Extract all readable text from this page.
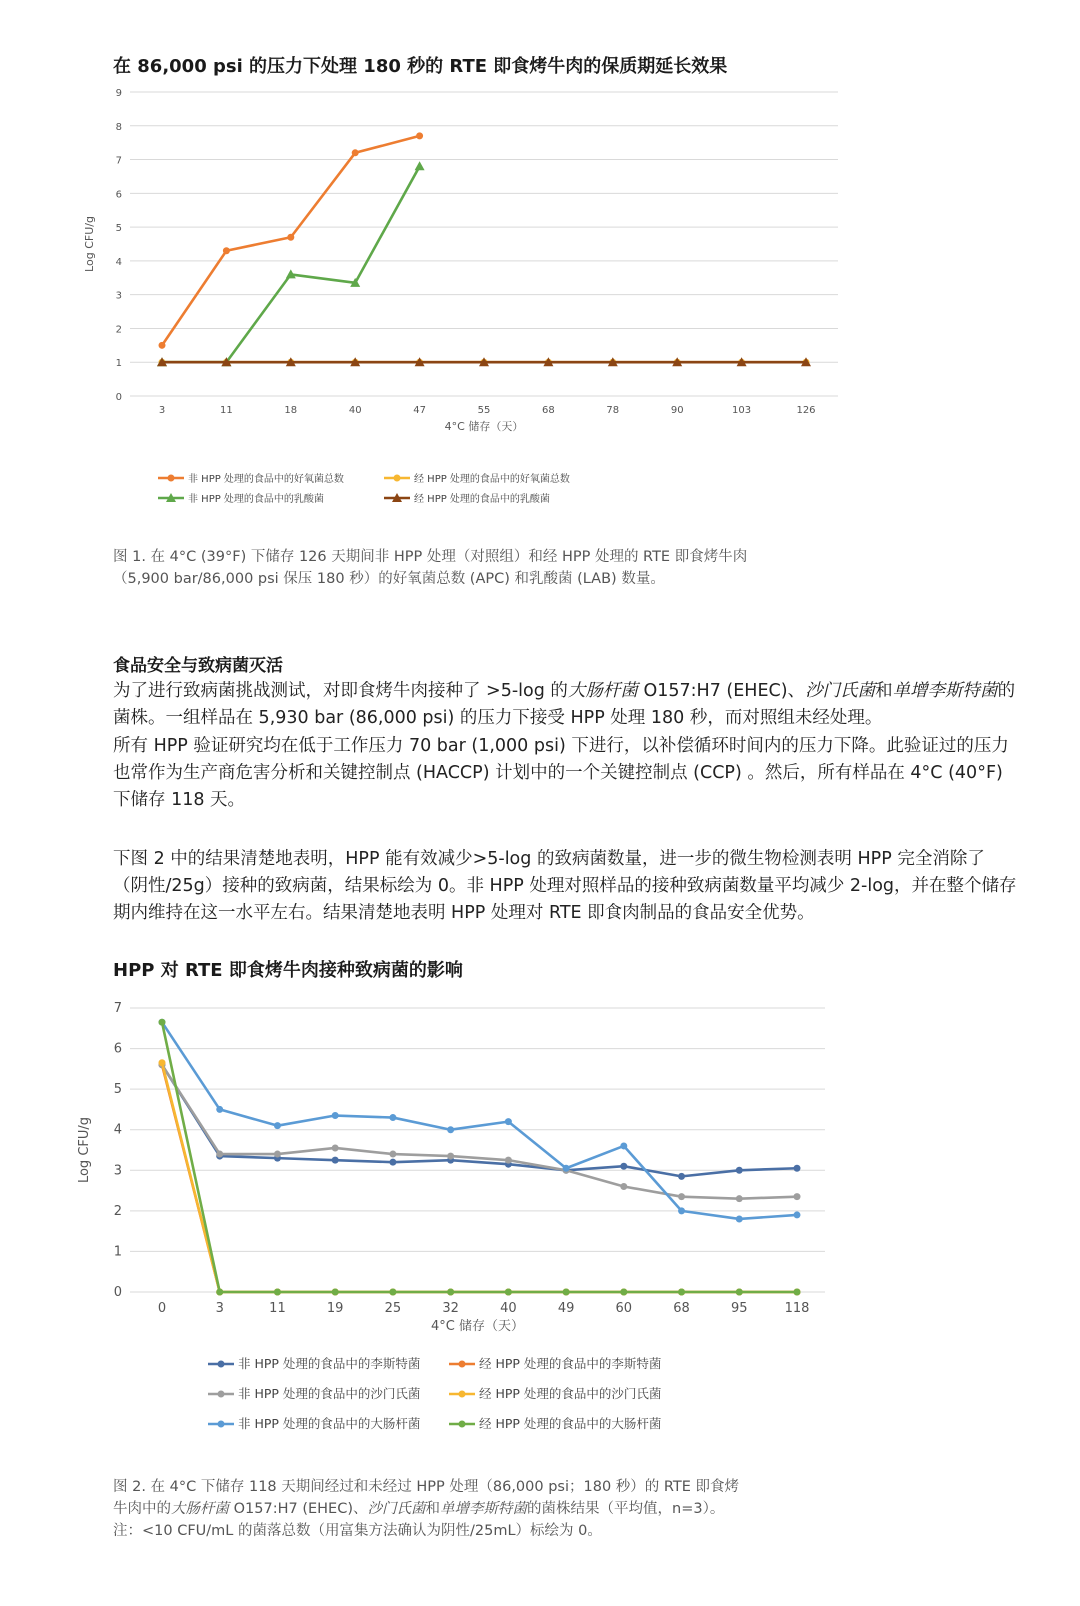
在 86,000 psi 的压力下处理 180 秒的 RTE 即食烤牛肉的保质期延长效果
0
1
2
3
4
5
6
7
8
9
3	11	18	40	47	55	68	78	90	103	126
4°C 储存（天）
Log CFU/g
非 HPP 处理的食品中的好氧菌总数	经 HPP 处理的食品中的好氧菌总数
非 HPP 处理的食品中的乳酸菌	经 HPP 处理的食品中的乳酸菌
图 1. 在 4°C (39°F) 下储存 126 天期间非 HPP 处理（对照组）和经 HPP 处理的 RTE 即食烤牛肉
（5,900 bar/86,000 psi 保压 180 秒）的好氧菌总数 (APC) 和乳酸菌 (LAB) 数量。
食品安全与致病菌灭活

为了进行致病菌挑战测试，对即食烤牛肉接种了 >5-log 的大肠杆菌 O157:H7 (EHEC)、沙门氏菌和单增李斯特菌的菌株。一组样品在 5,930 bar (86,000 psi) 的压力下接受 HPP 处理 180 秒，而对照组未经处理。

所有 HPP 验证研究均在低于工作压力 70 bar (1,000 psi) 下进行，以补偿循环时间内的压力下降。此验证过的压力也常作为生产商危害分析和关键控制点 (HACCP) 计划中的一个关键控制点 (CCP) 。然后，所有样品在 4°C (40°F) 下储存 118 天。

下图 2 中的结果清楚地表明，HPP 能有效减少>5-log 的致病菌数量，进一步的微生物检测表明 HPP 完全消除了（阴性/25g）接种的致病菌，结果标绘为 0。非 HPP 处理对照样品的接种致病菌数量平均减少 2-log，并在整个储存期内维持在这一水平左右。结果清楚地表明 HPP 处理对 RTE 即食肉制品的食品安全优势。

HPP 对 RTE 即食烤牛肉接种致病菌的影响
0
1
2
3
4
5
6
7
0	3	11	19	25	32	40	49	60	68	95	118
4°C 储存（天）
Log CFU/g
非 HPP 处理的食品中的李斯特菌	经 HPP 处理的食品中的李斯特菌
非 HPP 处理的食品中的沙门氏菌	经 HPP 处理的食品中的沙门氏菌
非 HPP 处理的食品中的大肠杆菌	经 HPP 处理的食品中的大肠杆菌
图 2. 在 4°C 下储存 118 天期间经过和未经过 HPP 处理（86,000 psi；180 秒）的 RTE 即食烤
牛肉中的大肠杆菌 O157:H7 (EHEC)、沙门氏菌和单增李斯特菌的菌株结果（平均值，n=3）。
注：<10 CFU/mL 的菌落总数（用富集方法确认为阴性/25mL）标绘为 0。
